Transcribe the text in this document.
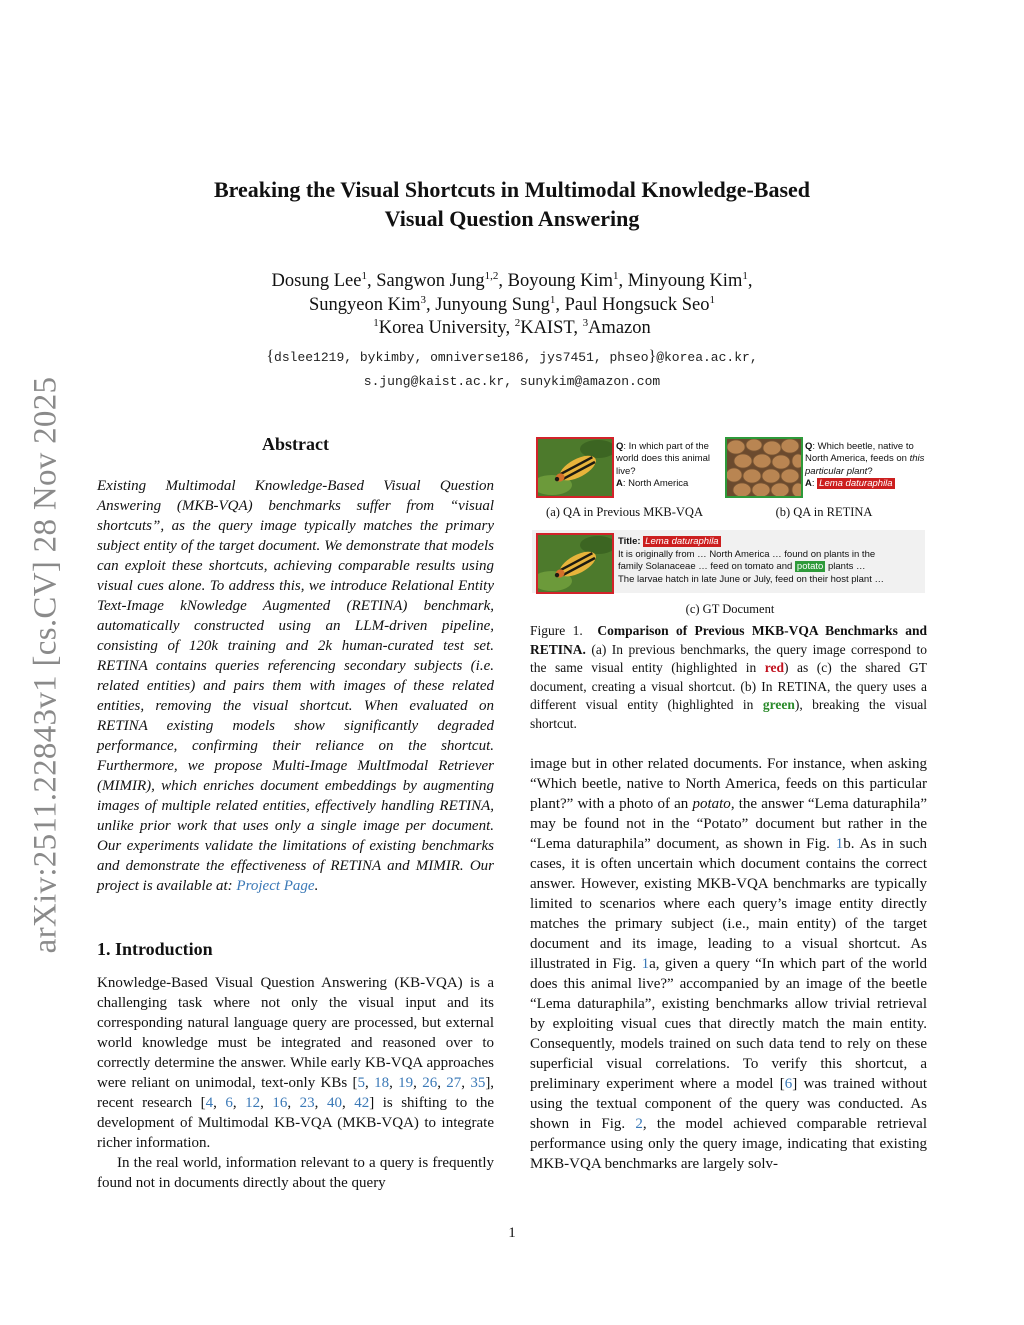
arXiv:2511.22843v1 [cs.CV] 28 Nov 2025
Breaking the Visual Shortcuts in Multimodal Knowledge-Based
Visual Question Answering
Dosung Lee$^1$, Sangwon Jung$^{1,2}$, Boyoung Kim$^1$, Minyoung Kim$^1$,
Sungyeon Kim$^3$, Junyoung Sung$^1$, Paul Hongsuck Seo$^1$
$^1$Korea University, $^2$KAIST, $^3$Amazon
{dslee1219, bykimby, omniverse186, jys7451, phseo}@korea.ac.kr,
s.jung@kaist.ac.kr, sunykim@amazon.com
Abstract
Existing Multimodal Knowledge-Based Visual Question Answering (MKB-VQA) benchmarks suffer from “visual shortcuts”, as the query image typically matches the primary subject entity of the target document. We demonstrate that models can exploit these shortcuts, achieving comparable results using visual cues alone. To address this, we introduce Relational Entity Text-Image kNowledge Augmented (RETINA) benchmark, automatically constructed using an LLM-driven pipeline, consisting of 120k training and 2k human-curated test set. RETINA contains queries referencing secondary subjects (i.e. related entities) and pairs them with images of these related entities, removing the visual shortcut. When evaluated on RETINA existing models show significantly degraded performance, confirming their reliance on the shortcut. Furthermore, we propose Multi-Image MultImodal Retriever (MIMIR), which enriches document embeddings by augmenting images of multiple related entities, effectively handling RETINA, unlike prior work that uses only a single image per document. Our experiments validate the limitations of existing benchmarks and demonstrate the effectiveness of RETINA and MIMIR. Our project is available at: Project Page.
1. Introduction

Knowledge-Based Visual Question Answering (KB-VQA) is a challenging task where not only the visual input and its corresponding natural language query are processed, but external world knowledge must be integrated and reasoned over to correctly determine the answer. While early KB-VQA approaches were reliant on unimodal, text-only KBs [5, 18, 19, 26, 27, 35], recent research [4, 6, 12, 16, 23, 40, 42] is shifting to the development of Multimodal KB-VQA (MKB-VQA) to integrate richer information.

In the real world, information relevant to a query is frequently found not in documents directly about the query

Q: In which part of the world does this animal live?
A: North America
Q: Which beetle, native to North America, feeds on this particular plant?
A: Lema daturaphila
(a) QA in Previous MKB-VQA	(b) QA in RETINA
Title: Lema daturaphila
It is originally from … North America … found on plants in the
family Solanaceae … feed on tomato and potato plants …
The larvae hatch in late June or July, feed on their host plant …
(c) GT Document
Figure 1. Comparison of Previous MKB-VQA Benchmarks and RETINA. (a) In previous benchmarks, the query image correspond to the same visual entity (highlighted in red) as (c) the shared GT document, creating a visual shortcut. (b) In RETINA, the query uses a different visual entity (highlighted in green), breaking the visual shortcut.
image but in other related documents. For instance, when asking “Which beetle, native to North America, feeds on this particular plant?” with a photo of an potato, the answer “Lema daturaphila” may be found not in the “Potato” document but rather in the “Lema daturaphila” document, as shown in Fig. 1b. As in such cases, it is often uncertain which document contains the correct answer. However, existing MKB-VQA benchmarks are typically limited to scenarios where each query’s image entity directly matches the primary subject (i.e., main entity) of the target document and its image, leading to a visual shortcut. As illustrated in Fig. 1a, given a query “In which part of the world does this animal live?” accompanied by an image of the beetle “Lema daturaphila”, existing benchmarks allow trivial retrieval by exploiting visual cues that directly match the main entity. Consequently, models trained on such data tend to rely on these superficial visual correlations. To verify this shortcut, a preliminary experiment where a model [6] was trained without using the textual component of the query was conducted. As shown in Fig. 2, the model achieved comparable retrieval performance using only the query image, indicating that existing MKB-VQA benchmarks are largely solv-
1
